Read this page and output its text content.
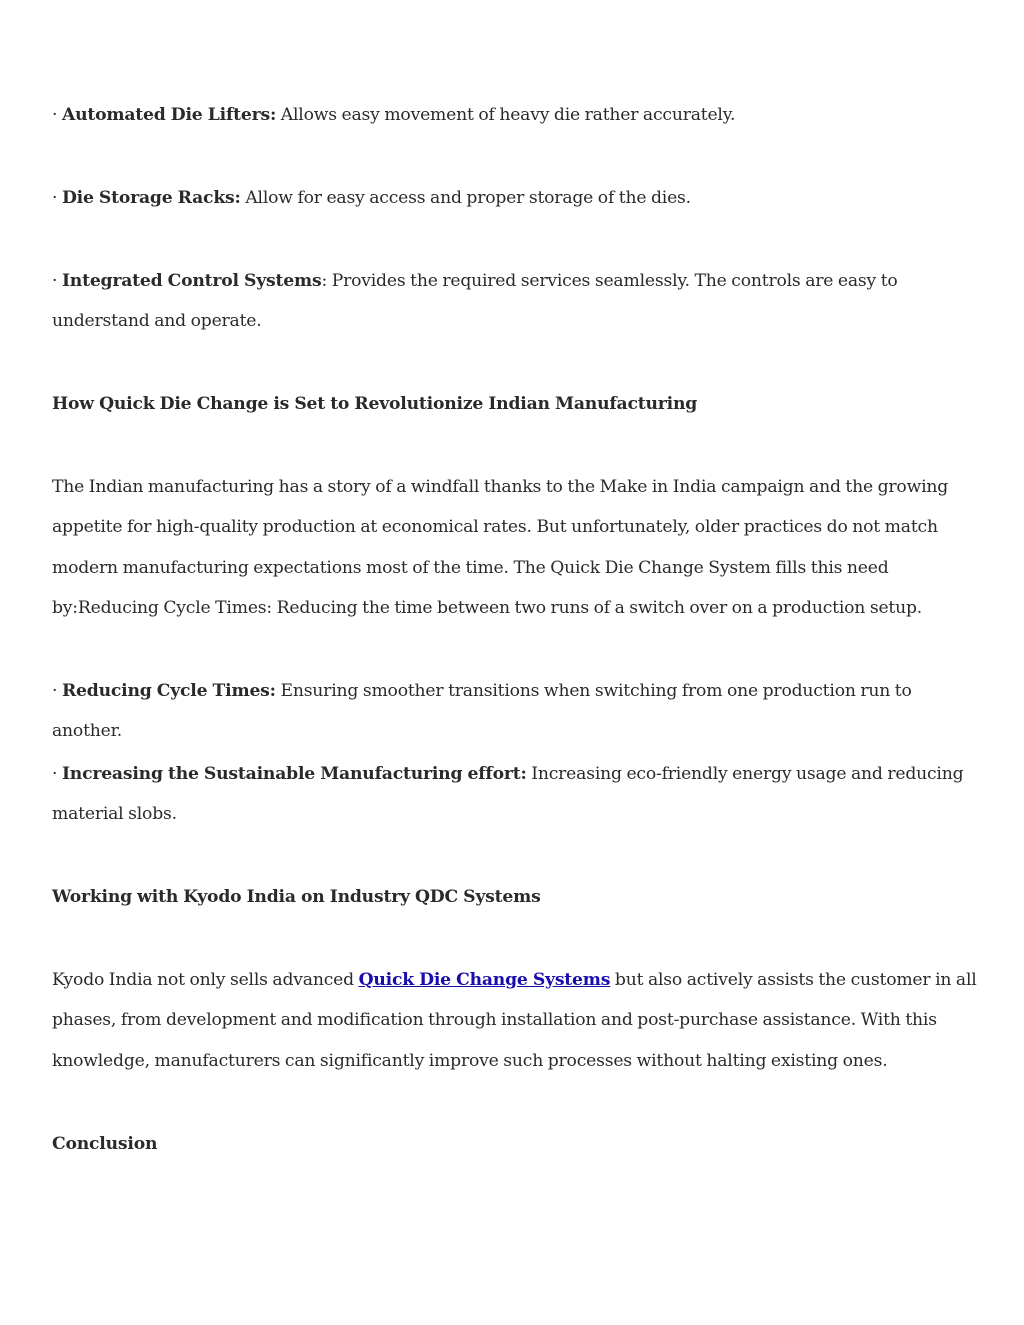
· Automated Die Lifters: Allows easy movement of heavy die rather accurately.

· Die Storage Racks: Allow for easy access and proper storage of the dies.

· Integrated Control Systems: Provides the required services seamlessly. The controls are easy to understand and operate.

How Quick Die Change is Set to Revolutionize Indian Manufacturing

The Indian manufacturing has a story of a windfall thanks to the Make in India campaign and the growing appetite for high-quality production at economical rates. But unfortunately, older practices do not match modern manufacturing expectations most of the time. The Quick Die Change System fills this need by:Reducing Cycle Times: Reducing the time between two runs of a switch over on a production setup.

· Reducing Cycle Times: Ensuring smoother transitions when switching from one production run to another.

· Increasing the Sustainable Manufacturing effort: Increasing eco-friendly energy usage and reducing material slobs.

Working with Kyodo India on Industry QDC Systems

Kyodo India not only sells advanced Quick Die Change Systems but also actively assists the customer in all phases, from development and modification through installation and post-purchase assistance. With this knowledge, manufacturers can significantly improve such processes without halting existing ones.

Conclusion
